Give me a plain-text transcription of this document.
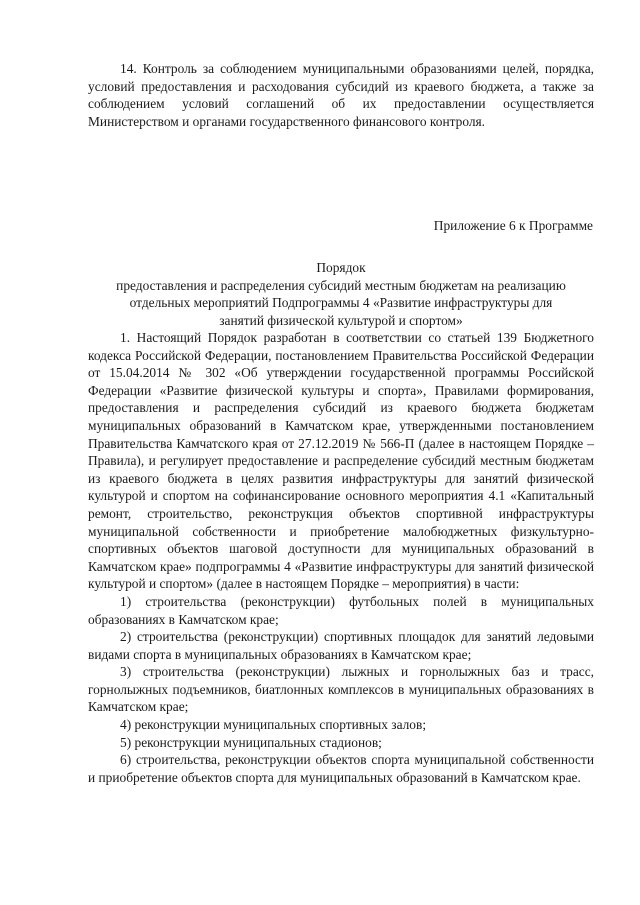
14. Контроль за соблюдением муниципальными образованиями целей, порядка, условий предоставления и расходования субсидий из краевого бюджета, а также за соблюдением условий соглашений об их предоставлении осуществляется Министерством и органами государственного финансового контроля.

Приложение 6 к Программе
Порядок
предоставления и распределения субсидий местным бюджетам на реализацию
отдельных мероприятий Подпрограммы 4 «Развитие инфраструктуры для
занятий физической культурой и спортом»

1. Настоящий Порядок разработан в соответствии со статьей 139 Бюджетного кодекса Российской Федерации, постановлением Правительства Российской Федерации от 15.04.2014 № 302 «Об утверждении государственной программы Российской Федерации «Развитие физической культуры и спорта», Правилами формирования, предоставления и распределения субсидий из краевого бюджета бюджетам муниципальных образований в Камчатском крае, утвержденными постановлением Правительства Камчатского края от 27.12.2019 № 566-П (далее в настоящем Порядке – Правила), и регулирует предоставление и распределение субсидий местным бюджетам из краевого бюджета в целях развития инфраструктуры для занятий физической культурой и спортом на софинансирование основного мероприятия 4.1 «Капитальный ремонт, строительство, реконструкция объектов спортивной инфраструктуры муниципальной собственности и приобретение малобюджетных физкультурно-спортивных объектов шаговой доступности для муниципальных образований в Камчатском крае» подпрограммы 4 «Развитие инфраструктуры для занятий физической культурой и спортом» (далее в настоящем Порядке – мероприятия) в части:

1) строительства (реконструкции) футбольных полей в муниципальных образованиях в Камчатском крае;

2) строительства (реконструкции) спортивных площадок для занятий ледовыми видами спорта в муниципальных образованиях в Камчатском крае;

3) строительства (реконструкции) лыжных и горнолыжных баз и трасс, горнолыжных подъемников, биатлонных комплексов в муниципальных образованиях в Камчатском крае;

4) реконструкции муниципальных спортивных залов;

5) реконструкции муниципальных стадионов;

6) строительства, реконструкции объектов спорта муниципальной собственности и приобретение объектов спорта для муниципальных образований в Камчатском крае.
